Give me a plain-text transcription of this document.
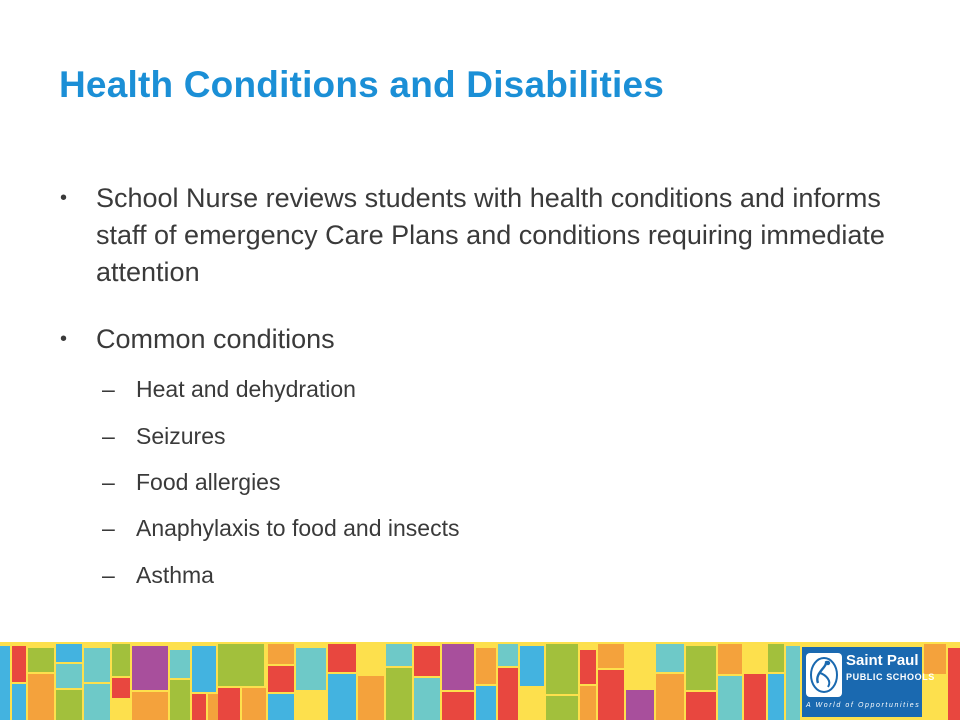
Health Conditions and Disabilities
• School Nurse reviews students with health conditions and informs staff of emergency Care Plans and conditions requiring immediate attention
• Common conditions
– Heat and dehydration
– Seizures
– Food allergies
– Anaphylaxis to food and insects
– Asthma
Saint Paul
PUBLIC SCHOOLS
A World of Opportunities
